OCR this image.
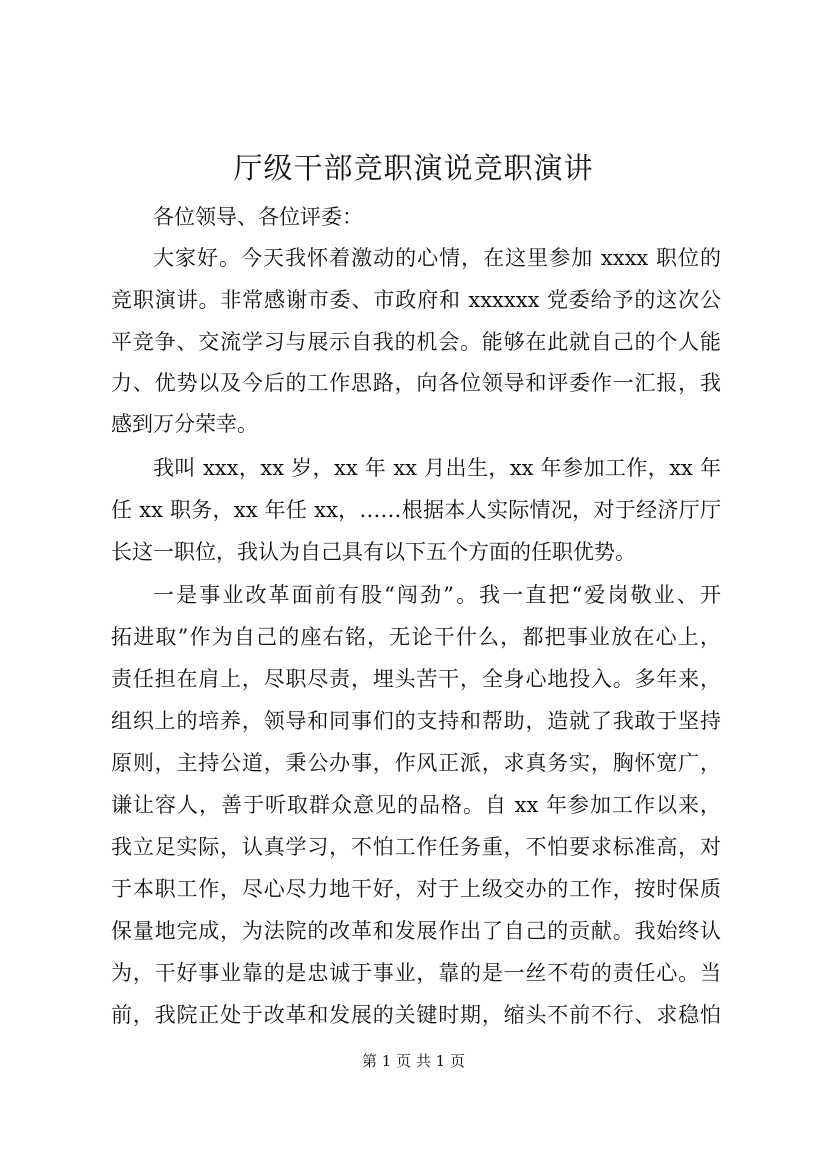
厅级干部竞职演说竞职演讲
各位领导、各位评委：
大家好。今天我怀着激动的心情，在这里参加 xxxx 职位的
竞职演讲。非常感谢市委、市政府和 xxxxxx 党委给予的这次公
平竞争、交流学习与展示自我的机会。能够在此就自己的个人能
力、优势以及今后的工作思路，向各位领导和评委作一汇报，我
感到万分荣幸。
我叫 xxx，xx 岁，xx 年 xx 月出生，xx 年参加工作，xx 年
任 xx 职务，xx 年任 xx，……根据本人实际情况，对于经济厅厅
长这一职位，我认为自己具有以下五个方面的任职优势。
一是事业改革面前有股“闯劲”。我一直把“爱岗敬业、开
拓进取”作为自己的座右铭，无论干什么，都把事业放在心上，
责任担在肩上，尽职尽责，埋头苦干，全身心地投入。多年来，
组织上的培养，领导和同事们的支持和帮助，造就了我敢于坚持
原则，主持公道，秉公办事，作风正派，求真务实，胸怀宽广，
谦让容人，善于听取群众意见的品格。自 xx 年参加工作以来，
我立足实际，认真学习，不怕工作任务重，不怕要求标准高，对
于本职工作，尽心尽力地干好，对于上级交办的工作，按时保质
保量地完成，为法院的改革和发展作出了自己的贡献。我始终认
为，干好事业靠的是忠诚于事业，靠的是一丝不苟的责任心。当
前，我院正处于改革和发展的关键时期，缩头不前不行、求稳怕
第 1 页 共 1 页
